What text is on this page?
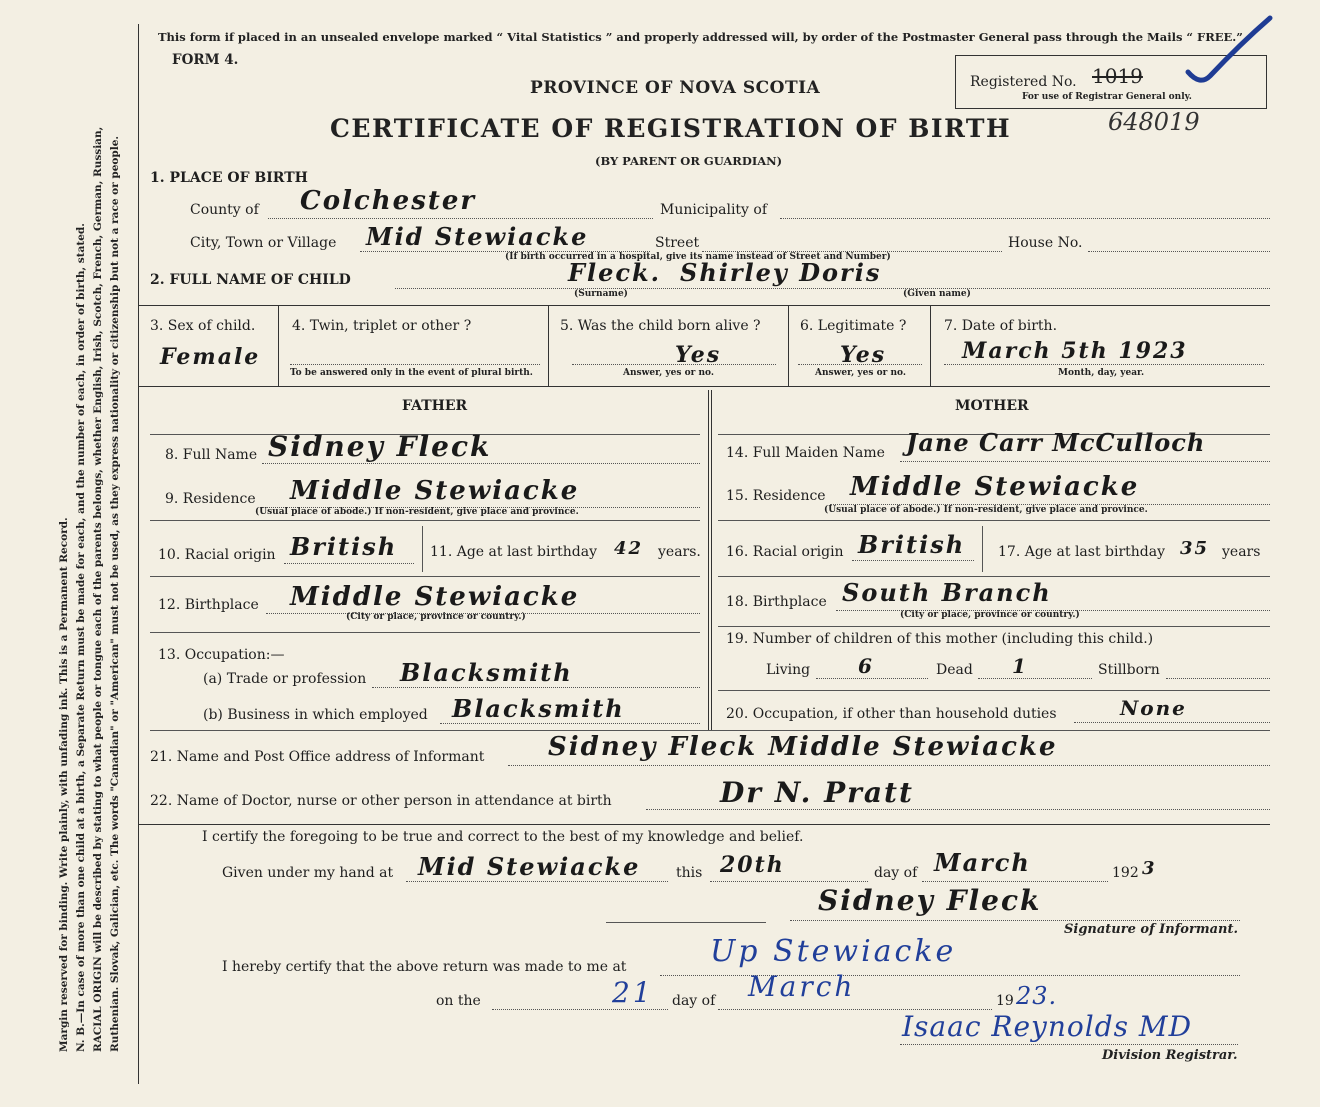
Margin reserved for binding. Write plainly, with unfading ink. This is a Permanent Record. N. B.—In case of more than one child at a birth, a Separate Return must be made for each, and the number of each, in order of birth, stated. RACIAL ORIGIN will be described by stating to what people or tongue each of the parents belongs, whether English, Irish, Scotch, French, German, Russian, Ruthenian. Slovak, Galician, etc. The words "Canadian" or "American" must not be used, as they express nationality or citizenship but not a race or people.
This form if placed in an unsealed envelope marked “ Vital Statistics ” and properly addressed will, by order of the Postmaster General pass through the Mails “ FREE.”
FORM 4.
PROVINCE OF NOVA SCOTIA
CERTIFICATE OF REGISTRATION OF BIRTH
(BY PARENT OR GUARDIAN)
Registered No. 1019
For use of Registrar General only.
648019
1. PLACE OF BIRTH
County of Colchester	Municipality of
City, Town or Village Mid Stewiacke	Street	House No.
(If birth occurred in a hospital, give its name instead of Street and Number)
2. FULL NAME OF CHILD	Fleck. Shirley Doris
(Surname)	(Given name)
3. Sex of child.
Female
4. Twin, triplet or other ?
To be answered only in the event of plural birth.
5. Was the child born alive ?
Yes
Answer, yes or no.
6. Legitimate ?
Yes
Answer, yes or no.
7. Date of birth.
March 5th 1923
Month, day, year.
FATHER
8. Full Name Sidney Fleck
9. Residence Middle Stewiacke
(Usual place of abode.) If non-resident, give place and province.
10. Racial origin British 11. Age at last birthday 42 years.
12. Birthplace Middle Stewiacke
(City or place, province or country.)
13. Occupation:—
(a) Trade or profession Blacksmith
(b) Business in which employed Blacksmith
MOTHER
14. Full Maiden Name Jane Carr McCulloch
15. Residence Middle Stewiacke
(Usual place of abode.) If non-resident, give place and province.
16. Racial origin British 17. Age at last birthday 35 years
18. Birthplace South Branch
(City or place, province or country.)
19. Number of children of this mother (including this child.)
Living 6	Dead 1	Stillborn
20. Occupation, if other than household duties	None
21. Name and Post Office address of Informant Sidney Fleck Middle Stewiacke
22. Name of Doctor, nurse or other person in attendance at birth	Dr N. Pratt
I certify the foregoing to be true and correct to the best of my knowledge and belief.
Given under my hand at Mid Stewiacke	this 20th	day of March	192 3
Sidney Fleck
Signature of Informant.
I hereby certify that the above return was made to me at	Up Stewiacke
on the	21 day of March	19 23.
Isaac Reynolds MD
Division Registrar.
